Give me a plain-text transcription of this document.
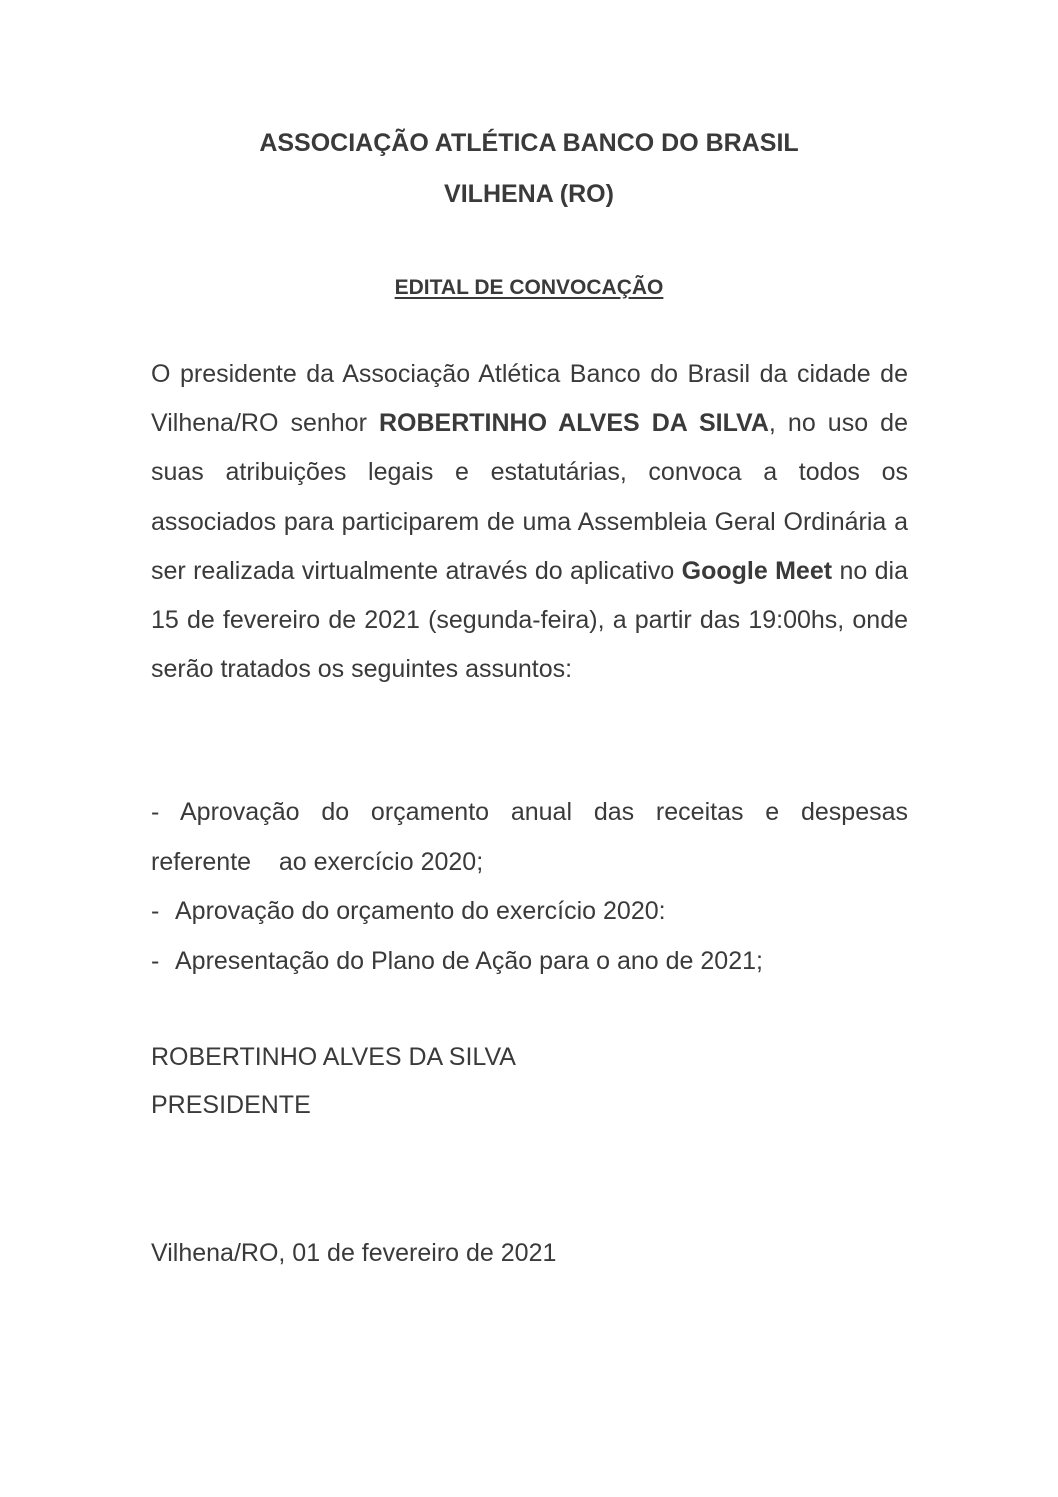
ASSOCIAÇÃO ATLÉTICA BANCO DO BRASIL
VILHENA (RO)
EDITAL DE CONVOCAÇÃO

O presidente da Associação Atlética Banco do Brasil da cidade de Vilhena/RO senhor ROBERTINHO ALVES DA SILVA, no uso de suas atribuições legais e estatutárias, convoca a todos os associados para participarem de uma Assembleia Geral Ordinária a ser realizada virtualmente através do aplicativo Google Meet no dia 15 de fevereiro de 2021 (segunda-feira), a partir das 19:00hs, onde serão tratados os seguintes assuntos:

- Aprovação do orçamento anual das receitas e despesas referente    ao exercício 2020;
- Aprovação do orçamento do exercício 2020:
- Apresentação do Plano de Ação para o ano de 2021;

ROBERTINHO ALVES DA SILVA

PRESIDENTE

Vilhena/RO, 01 de fevereiro de 2021
